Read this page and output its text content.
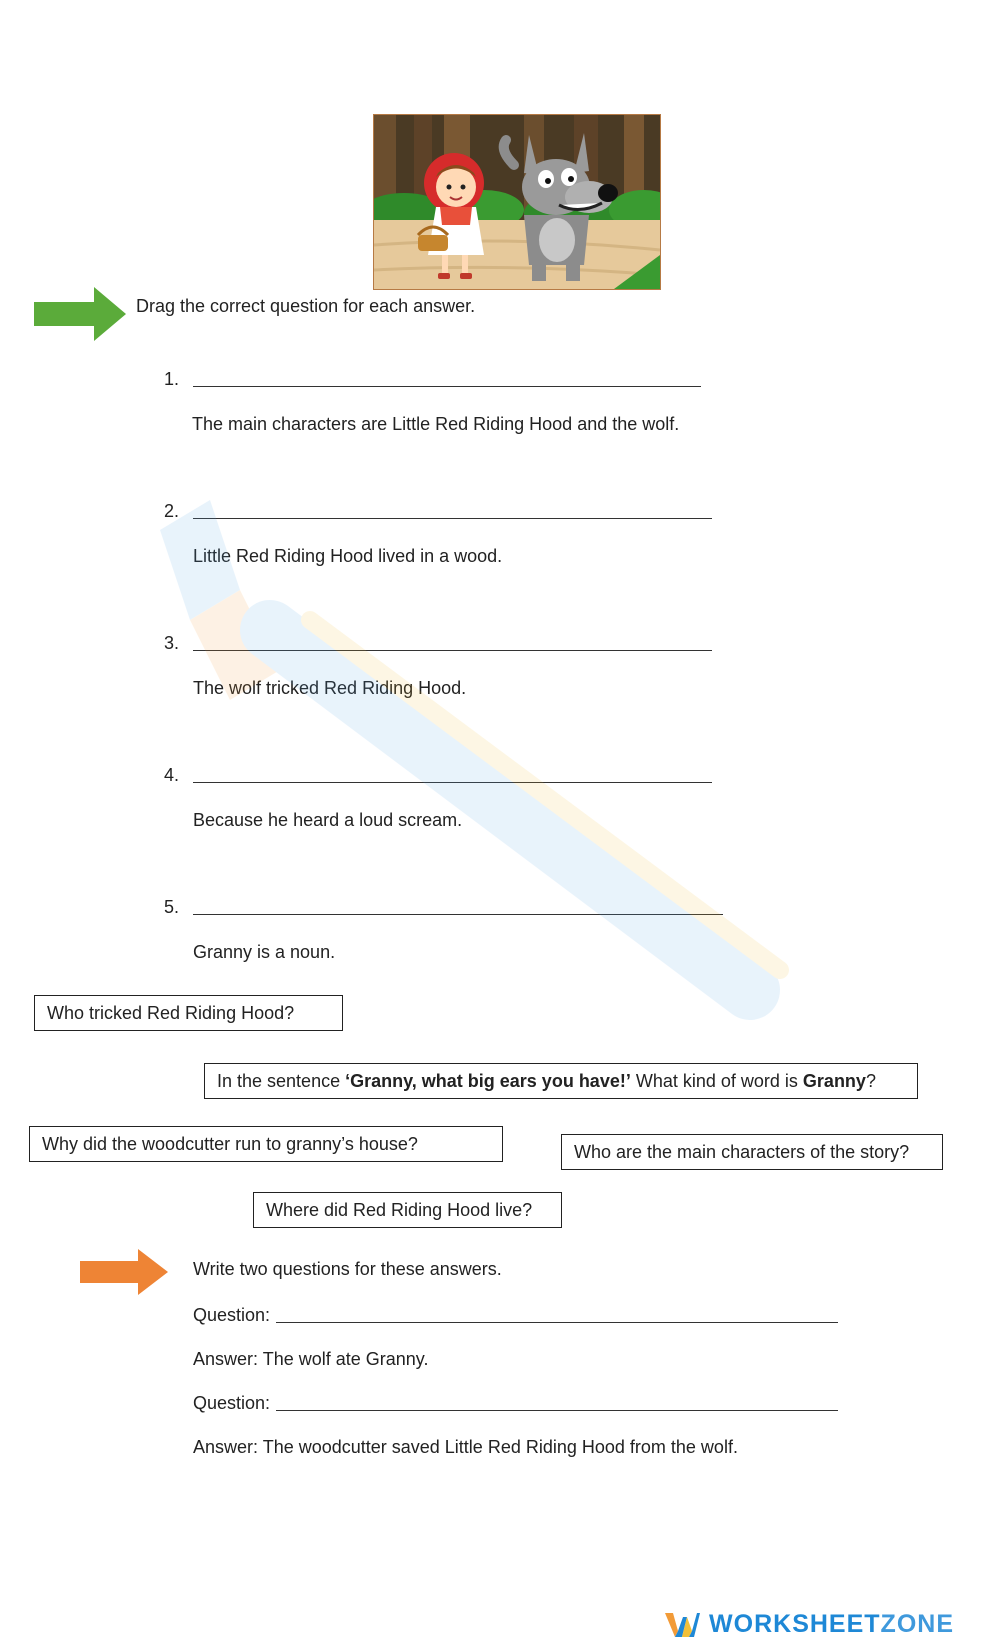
Drag the correct question for each answer.
1.
The main characters are Little Red Riding Hood and the wolf.
2.
Little Red Riding Hood lived in a wood.
3.
The wolf tricked Red Riding Hood.
4.
Because he heard a loud scream.
5.
Granny is a noun.
Who tricked Red Riding Hood?
In the sentence ‘Granny, what big ears you have!’ What kind of word is Granny?
Why did the woodcutter run to granny’s house?	Who are the main characters of the story?
Where did Red Riding Hood live?
Write two questions for these answers.
Question:
Answer: The wolf ate Granny.
Question:
Answer: The woodcutter saved Little Red Riding Hood from the wolf.
WORKSHEETZONE
